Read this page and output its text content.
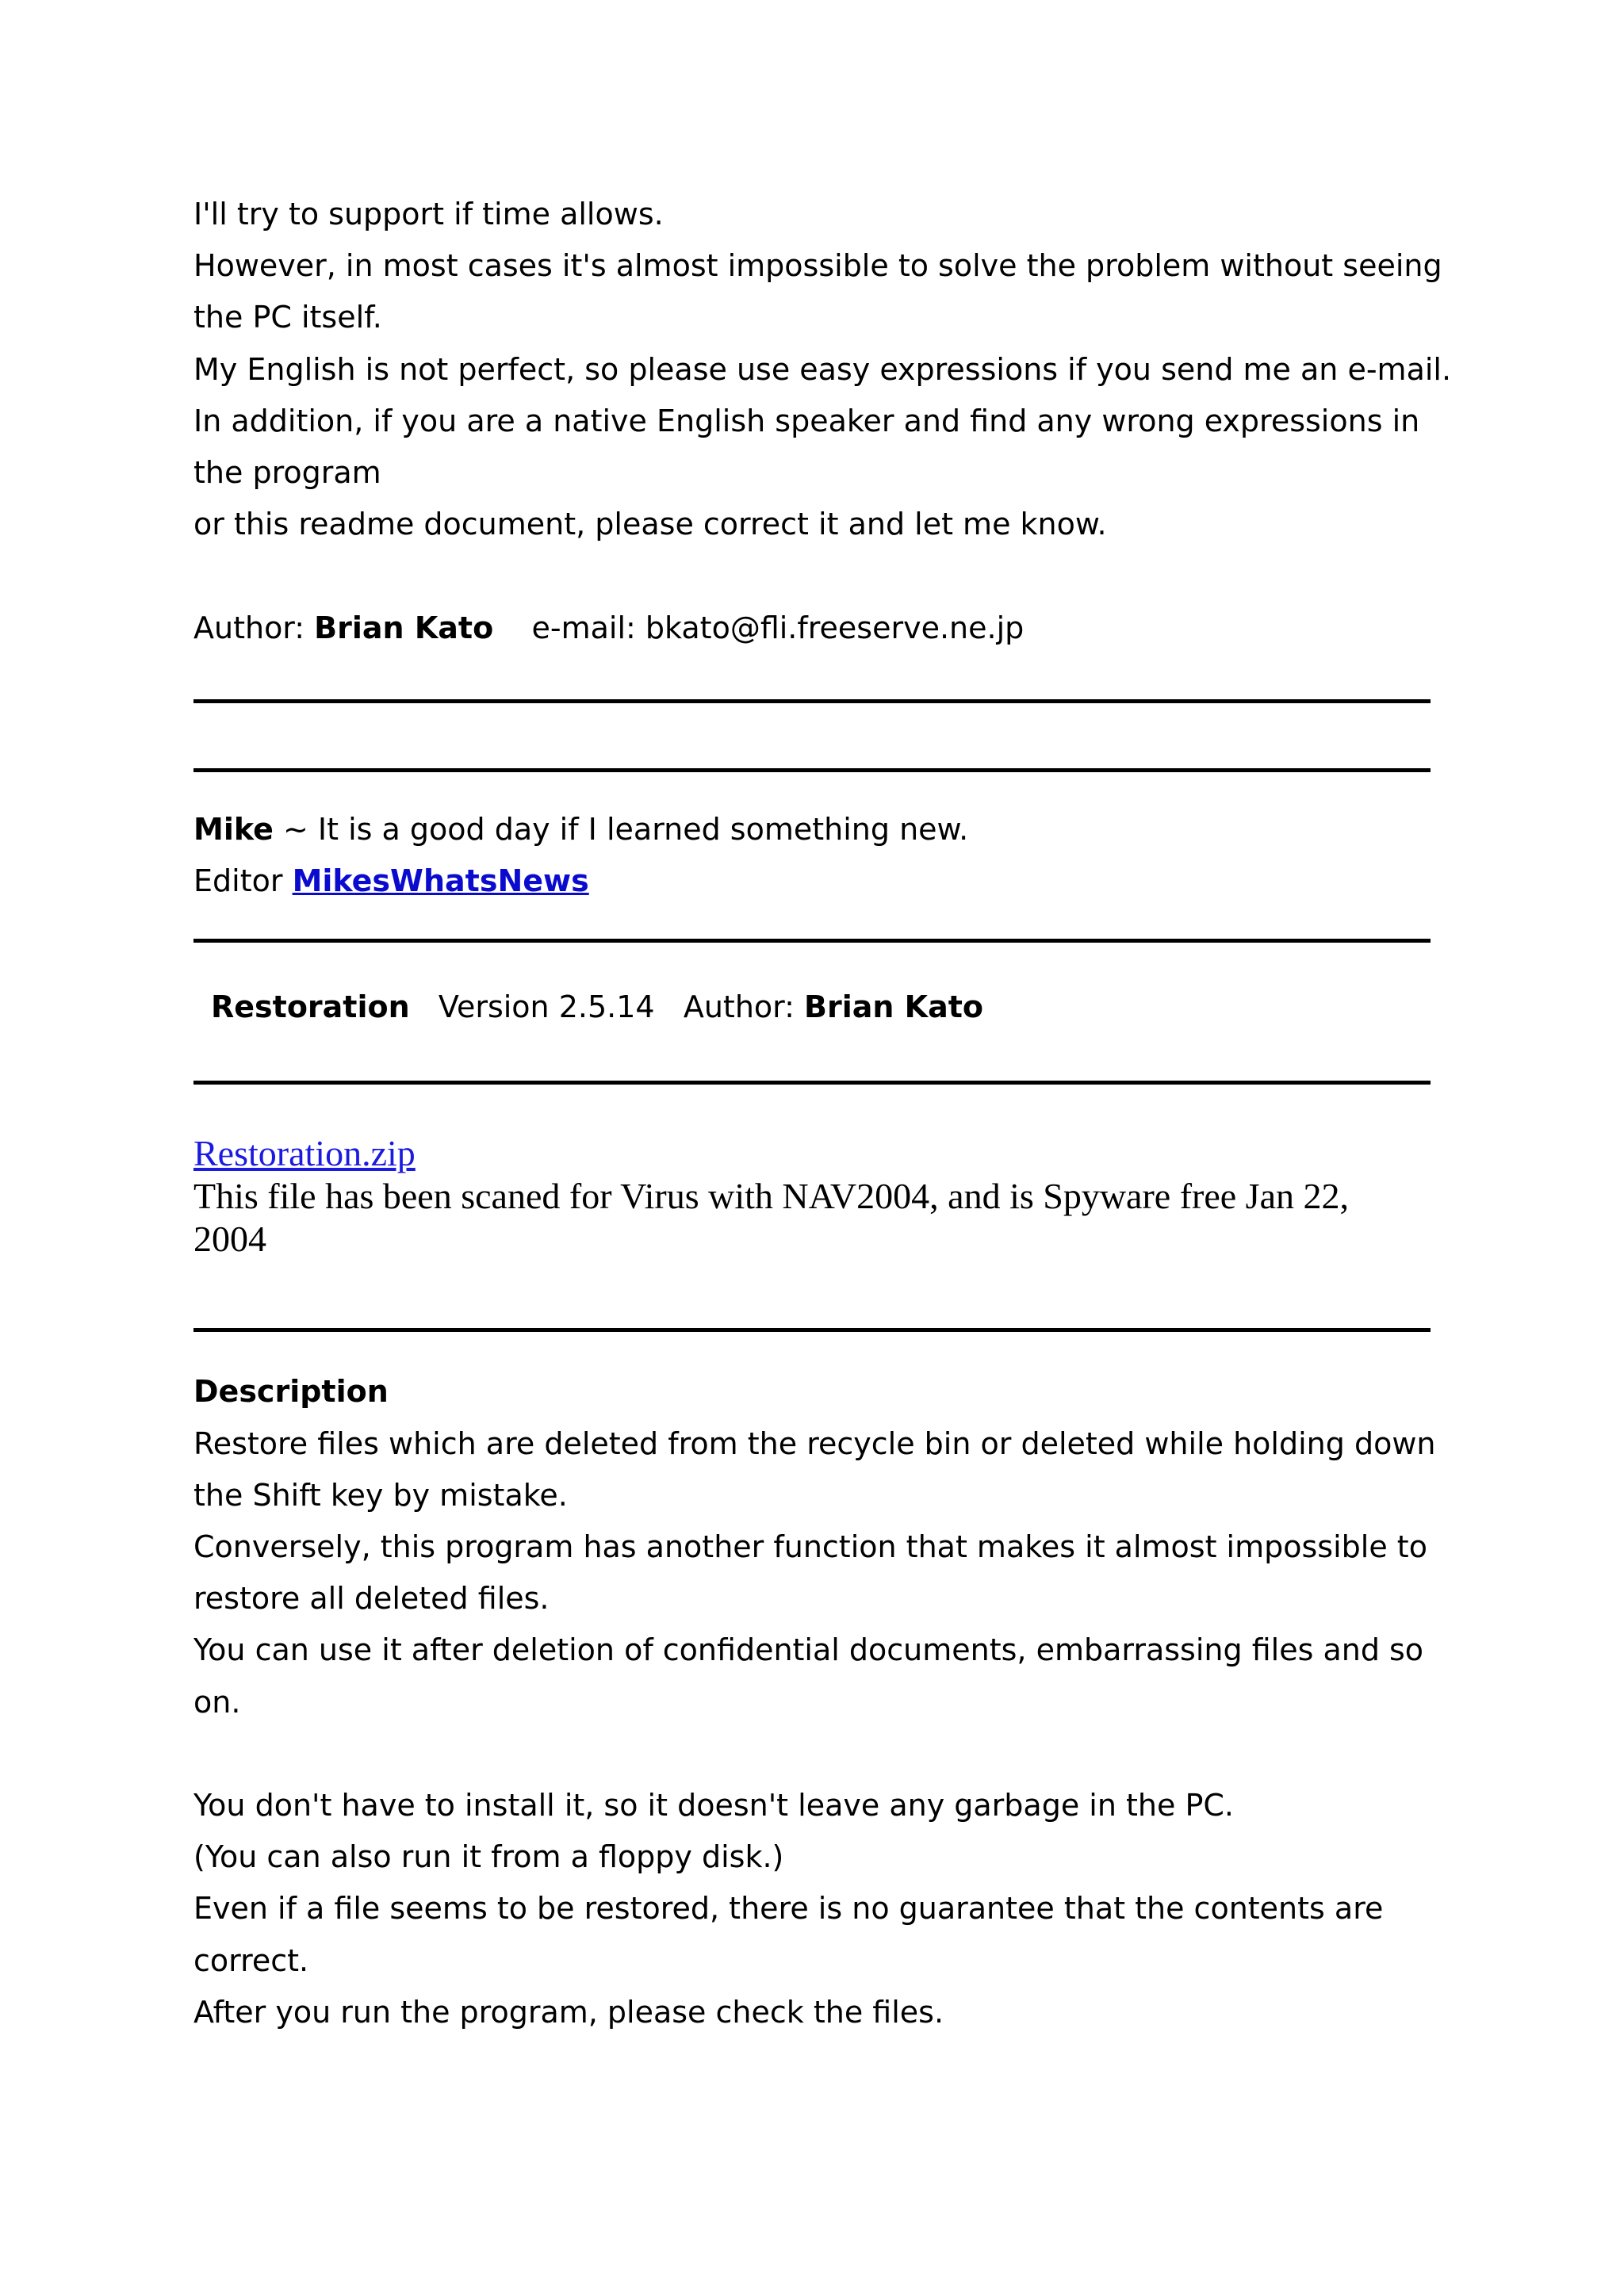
I'll try to support if time allows.
However, in most cases it's almost impossible to solve the problem without seeing
the PC itself.
My English is not perfect, so please use easy expressions if you send me an e-mail.
In addition, if you are a native English speaker and find any wrong expressions in
the program
or this readme document, please correct it and let me know.
Author: Brian Kato e-mail: bkato@fli.freeserve.ne.jp
Mike ~ It is a good day if I learned something new.
Editor MikesWhatsNews
Restoration Version 2.5.14 Author: Brian Kato
Restoration.zip
This file has been scaned for Virus with NAV2004, and is Spyware free Jan 22,
2004
Description
Restore files which are deleted from the recycle bin or deleted while holding down
the Shift key by mistake.
Conversely, this program has another function that makes it almost impossible to
restore all deleted files.
You can use it after deletion of confidential documents, embarrassing files and so
on.
You don't have to install it, so it doesn't leave any garbage in the PC.
(You can also run it from a floppy disk.)
Even if a file seems to be restored, there is no guarantee that the contents are
correct.
After you run the program, please check the files.
